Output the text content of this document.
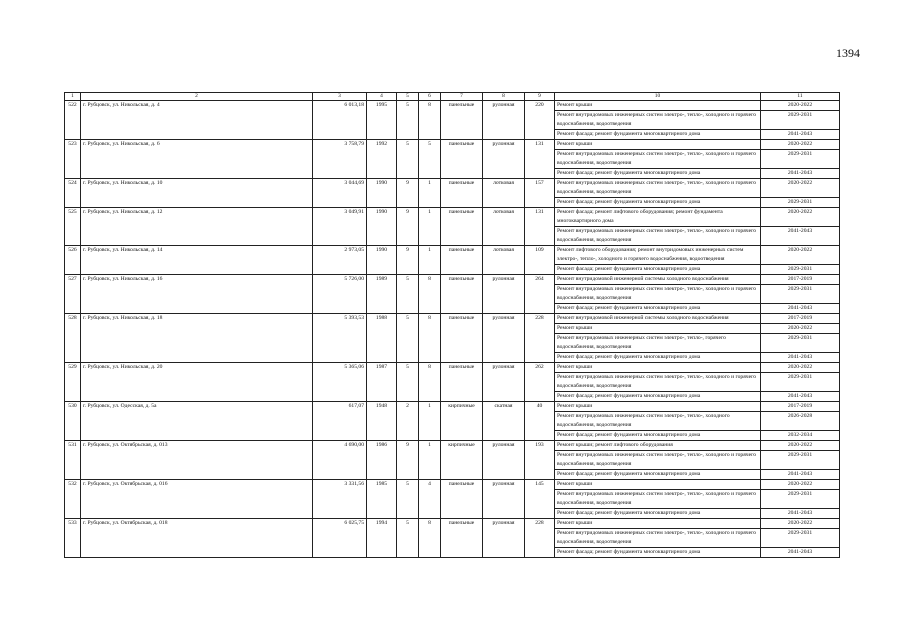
1394
1	2	3	4	5	6	7	8	9	10	11
522	г. Рубцовск, ул. Никольская, д. 4	6 013,18	1995	5	8	панельные	рулонная	220	Ремонт крыши	2020-2022
									Ремонт внутридомовых инженерных систем электро-, тепло-, холодного и горячего водоснабжения, водоотведения	2029-2031
									Ремонт фасада; ремонт фундамента многоквартирного дома	2041-2043
523	г. Рубцовск, ул. Никольская, д. 6	3 758,79	1992	5	5	панельные	рулонная	131	Ремонт крыши	2020-2022
									Ремонт внутридомовых инженерных систем электро-, тепло-, холодного и горячего водоснабжения, водоотведения	2029-2031
									Ремонт фасада; ремонт фундамента многоквартирного дома	2041-2043
524	г. Рубцовск, ул. Никольская, д. 10	3 044,69	1990	9	1	панельные	лотковая	157	Ремонт внутридомовых инженерных систем электро-, тепло-, холодного и горячего водоснабжения, водоотведения	2020-2022
									Ремонт фасада; ремонт фундамента многоквартирного дома	2029-2031
525	г. Рубцовск, ул. Никольская, д. 12	3 049,91	1990	9	1	панельные	лотковая	131	Ремонт фасада; ремонт лифтового оборудования; ремонт фундамента многоквартирного дома	2020-2022
									Ремонт внутридомовых инженерных систем электро-, тепло-, холодного и горячего водоснабжения, водоотведения	2041-2043
526	г. Рубцовск, ул. Никольская, д. 14	2 973,05	1990	9	1	панельные	лотковая	109	Ремонт лифтового оборудования; ремонт внутридомовых инженерных систем электро-, тепло-, холодного и горячего водоснабжения, водоотведения	2020-2022
									Ремонт фасада; ремонт фундамента многоквартирного дома	2029-2031
527	г. Рубцовск, ул. Никольская, д. 16	5 726,00	1989	5	8	панельные	рулонная	264	Ремонт внутридомовой инженерной системы холодного водоснабжения	2017-2019
									Ремонт внутридомовых инженерных систем электро-, тепло-, холодного и горячего водоснабжения, водоотведения	2029-2031
									Ремонт фасада; ремонт фундамента многоквартирного дома	2041-2043
528	г. Рубцовск, ул. Никольская, д. 18	5 393,53	1988	5	8	панельные	рулонная	228	Ремонт внутридомовой инженерной системы холодного водоснабжения	2017-2019
									Ремонт крыши	2020-2022
									Ремонт внутридомовых инженерных систем электро-, тепло-, горячего водоснабжения, водоотведения	2029-2031
									Ремонт фасада; ремонт фундамента многоквартирного дома	2041-2043
529	г. Рубцовск, ул. Никольская, д. 20	5 365,06	1987	5	8	панельные	рулонная	262	Ремонт крыши	2020-2022
									Ремонт внутридомовых инженерных систем электро-, тепло-, холодного и горячего водоснабжения, водоотведения	2029-2031
									Ремонт фасада; ремонт фундамента многоквартирного дома	2041-2043
530	г. Рубцовск, ул. Одесская, д. 5а	617,07	1948	2	1	кирпичные	скатная	40	Ремонт крыши	2017-2019
									Ремонт внутридомовых инженерных систем электро-, тепло-, холодного водоснабжения, водоотведения	2026-2028
									Ремонт фасада; ремонт фундамента многоквартирного дома	2032-2034
531	г. Рубцовск, ул. Октябрьская, д. 013	4 690,00	1986	9	1	кирпичные	рулонная	193	Ремонт крыши; ремонт лифтового оборудования	2020-2022
									Ремонт внутридомовых инженерных систем электро-, тепло-, холодного и горячего водоснабжения, водоотведения	2029-2031
									Ремонт фасада; ремонт фундамента многоквартирного дома	2041-2043
532	г. Рубцовск, ул. Октябрьская, д. 016	3 331,56	1985	5	4	панельные	рулонная	145	Ремонт крыши	2020-2022
									Ремонт внутридомовых инженерных систем электро-, тепло-, холодного и горячего водоснабжения, водоотведения	2029-2031
									Ремонт фасада; ремонт фундамента многоквартирного дома	2041-2043
533	г. Рубцовск, ул. Октябрьская, д. 018	6 025,75	1994	5	8	панельные	рулонная	228	Ремонт крыши	2020-2022
									Ремонт внутридомовых инженерных систем электро-, тепло-, холодного и горячего водоснабжения, водоотведения	2029-2031
									Ремонт фасада; ремонт фундамента многоквартирного дома	2041-2043
